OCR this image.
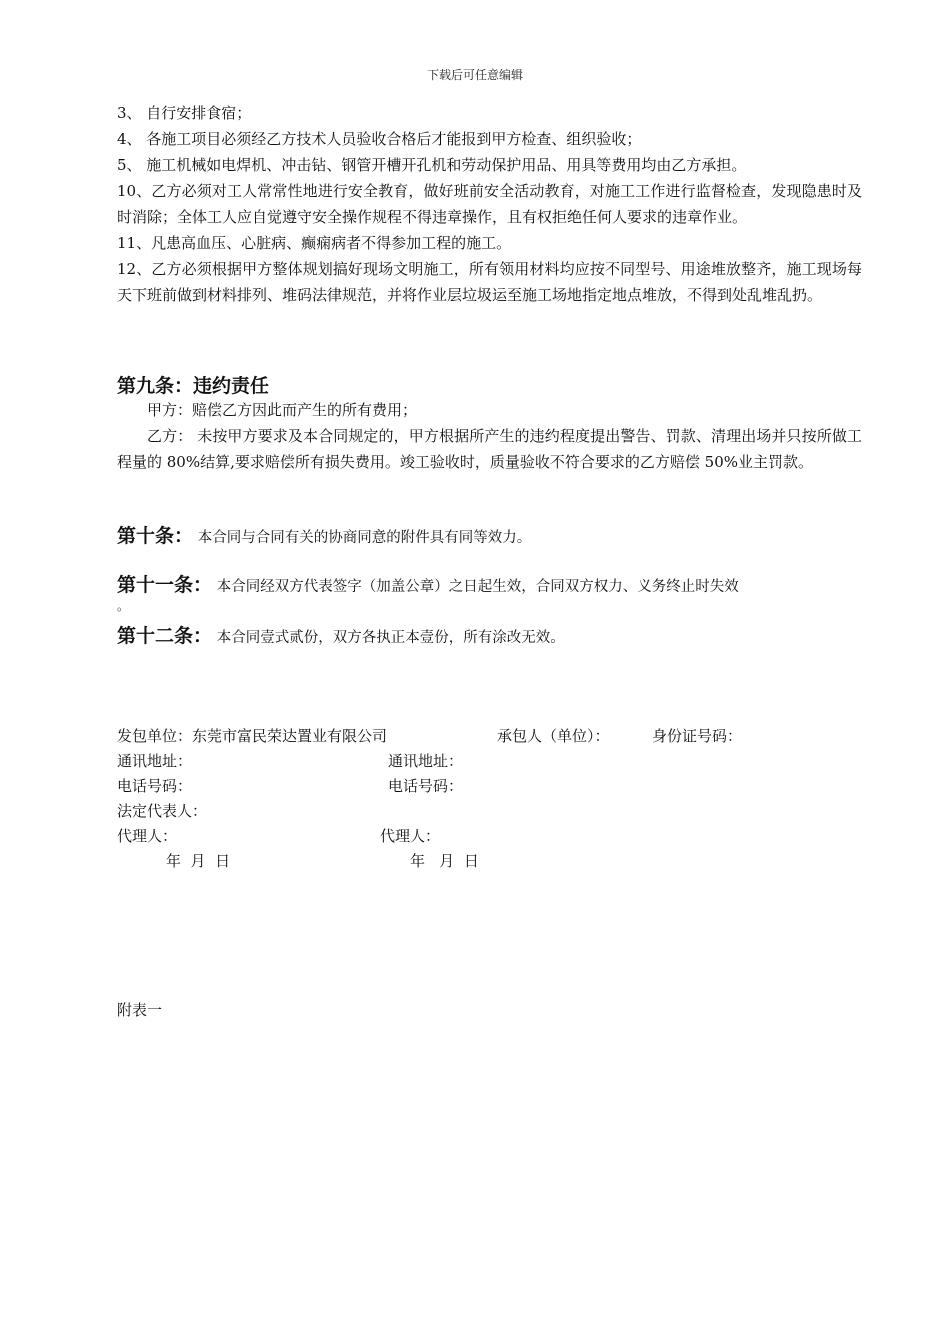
下载后可任意编辑
3、 自行安排食宿；
4、 各施工项目必须经乙方技术人员验收合格后才能报到甲方检查、组织验收；
5、 施工机械如电焊机、冲击钻、钢管开槽开孔机和劳动保护用品、用具等费用均由乙方承担。
10、乙方必须对工人常常性地进行安全教育，做好班前安全活动教育，对施工工作进行监督检查，发现隐患时及时消除；全体工人应自觉遵守安全操作规程不得违章操作，且有权拒绝任何人要求的违章作业。
11、凡患高血压、心脏病、癫痫病者不得参加工程的施工。
12、乙方必须根据甲方整体规划搞好现场文明施工，所有领用材料均应按不同型号、用途堆放整齐，施工现场每天下班前做到材料排列、堆码法律规范，并将作业层垃圾运至施工场地指定地点堆放，不得到处乱堆乱扔。
第九条：违约责任
甲方：赔偿乙方因此而产生的所有费用；
乙方： 未按甲方要求及本合同规定的，甲方根据所产生的违约程度提出警告、罚款、清理出场并只按所做工程量的 80%结算,要求赔偿所有损失费用。竣工验收时，质量验收不符合要求的乙方赔偿 50%业主罚款。
第十条： 本合同与合同有关的协商同意的附件具有同等效力。
第十一条： 本合同经双方代表签字（加盖公章）之日起生效，合同双方权力、义务终止时失效
。
第十二条： 本合同壹式贰份，双方各执正本壹份，所有涂改无效。
发包单位：东莞市富民荣达置业有限公司	承包人（单位）：	身份证号码：
通讯地址：	通讯地址：
电话号码：	电话号码：
法定代表人：
代理人：	代理人：
年  月  日	年   月  日
附表一
